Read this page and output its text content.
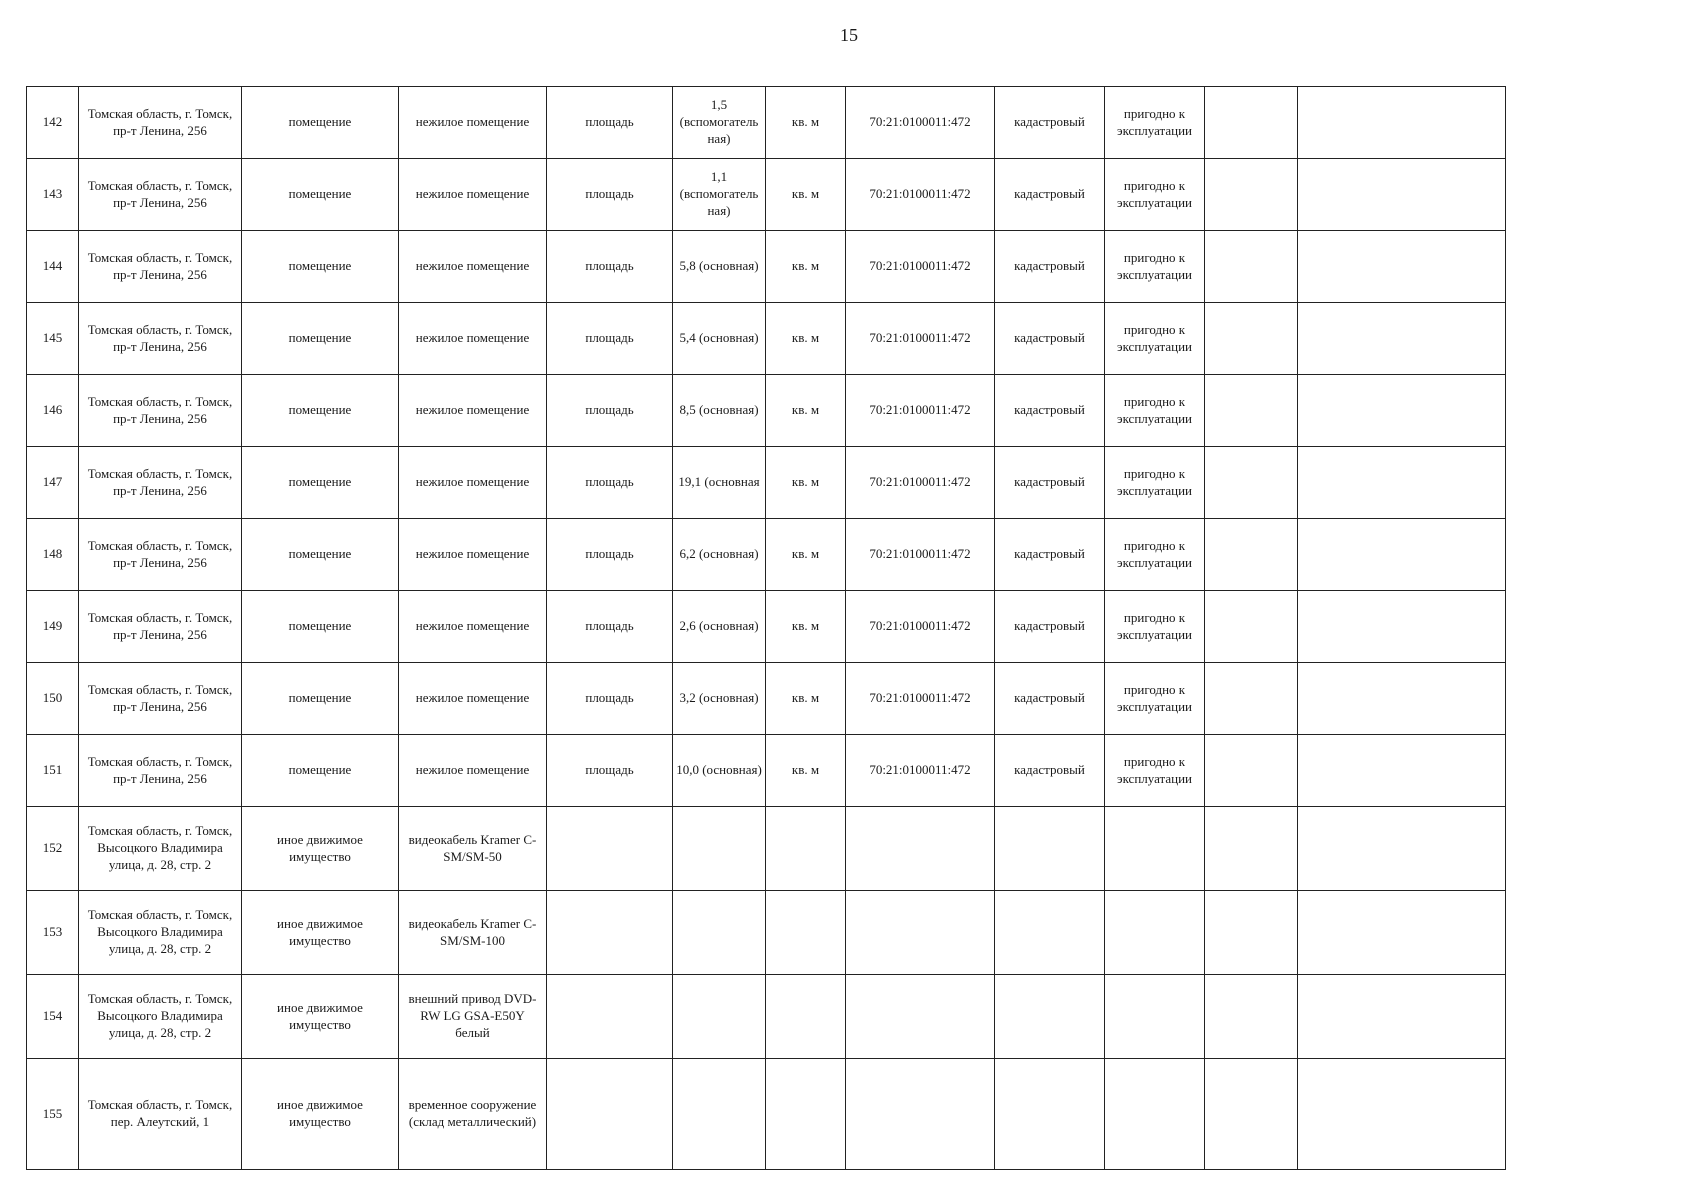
15
142	Томская область, г. Томск, пр-т Ленина, 256	помещение	нежилое помещение	площадь	1,5 (вспомогатель ная)	кв. м	70:21:0100011:472	кадастровый	пригодно к эксплуатации		
143	Томская область, г. Томск, пр-т Ленина, 256	помещение	нежилое помещение	площадь	1,1 (вспомогатель ная)	кв. м	70:21:0100011:472	кадастровый	пригодно к эксплуатации		
144	Томская область, г. Томск, пр-т Ленина, 256	помещение	нежилое помещение	площадь	5,8 (основная)	кв. м	70:21:0100011:472	кадастровый	пригодно к эксплуатации		
145	Томская область, г. Томск, пр-т Ленина, 256	помещение	нежилое помещение	площадь	5,4 (основная)	кв. м	70:21:0100011:472	кадастровый	пригодно к эксплуатации		
146	Томская область, г. Томск, пр-т Ленина, 256	помещение	нежилое помещение	площадь	8,5 (основная)	кв. м	70:21:0100011:472	кадастровый	пригодно к эксплуатации		
147	Томская область, г. Томск, пр-т Ленина, 256	помещение	нежилое помещение	площадь	19,1 (основная	кв. м	70:21:0100011:472	кадастровый	пригодно к эксплуатации		
148	Томская область, г. Томск, пр-т Ленина, 256	помещение	нежилое помещение	площадь	6,2 (основная)	кв. м	70:21:0100011:472	кадастровый	пригодно к эксплуатации		
149	Томская область, г. Томск, пр-т Ленина, 256	помещение	нежилое помещение	площадь	2,6 (основная)	кв. м	70:21:0100011:472	кадастровый	пригодно к эксплуатации		
150	Томская область, г. Томск, пр-т Ленина, 256	помещение	нежилое помещение	площадь	3,2 (основная)	кв. м	70:21:0100011:472	кадастровый	пригодно к эксплуатации		
151	Томская область, г. Томск, пр-т Ленина, 256	помещение	нежилое помещение	площадь	10,0 (основная)	кв. м	70:21:0100011:472	кадастровый	пригодно к эксплуатации		
152	Томская область, г. Томск, Высоцкого Владимира улица, д. 28, стр. 2	иное движимое имущество	видеокабель Kramer C-SM/SM-50								
153	Томская область, г. Томск, Высоцкого Владимира улица, д. 28, стр. 2	иное движимое имущество	видеокабель Kramer C-SM/SM-100								
154	Томская область, г. Томск, Высоцкого Владимира улица, д. 28, стр. 2	иное движимое имущество	внешний привод DVD-RW LG GSA-E50Y белый								
155	Томская область, г. Томск, пер. Алеутский, 1	иное движимое имущество	временное сооружение (склад металлический)								
